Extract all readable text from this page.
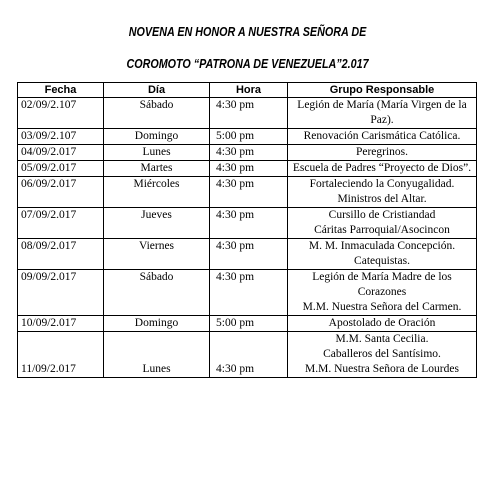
NOVENA EN HONOR A NUESTRA SEÑORA DE
COROMOTO “PATRONA DE VENEZUELA”2.017
Fecha	Día	Hora	Grupo Responsable
02/09/2.107	Sábado	4:30 pm	Legión de María (María Virgen de la Paz).

03/09/2.107	Domingo	5:00 pm	Renovación Carismática Católica.

04/09/2.017	Lunes	4:30 pm	Peregrinos.

05/09/2.017	Martes	4:30 pm	Escuela de Padres “Proyecto de Dios”.

06/09/2.017	Miércoles	4:30 pm	Fortaleciendo la Conyugalidad.
Ministros del Altar.

07/09/2.017	Jueves	4:30 pm	Cursillo de Cristiandad
Cáritas Parroquial/Asocincon

08/09/2.017	Viernes	4:30 pm	M. M. Inmaculada Concepción.
Catequistas.

09/09/2.017	Sábado	4:30 pm	Legión de María Madre de los Corazones
M.M. Nuestra Señora del Carmen.

10/09/2.017	Domingo	5:00 pm	Apostolado de Oración

11/09/2.017	Lunes	4:30 pm	M.M. Santa Cecilia.
Caballeros del Santísimo.
M.M. Nuestra Señora de Lourdes
